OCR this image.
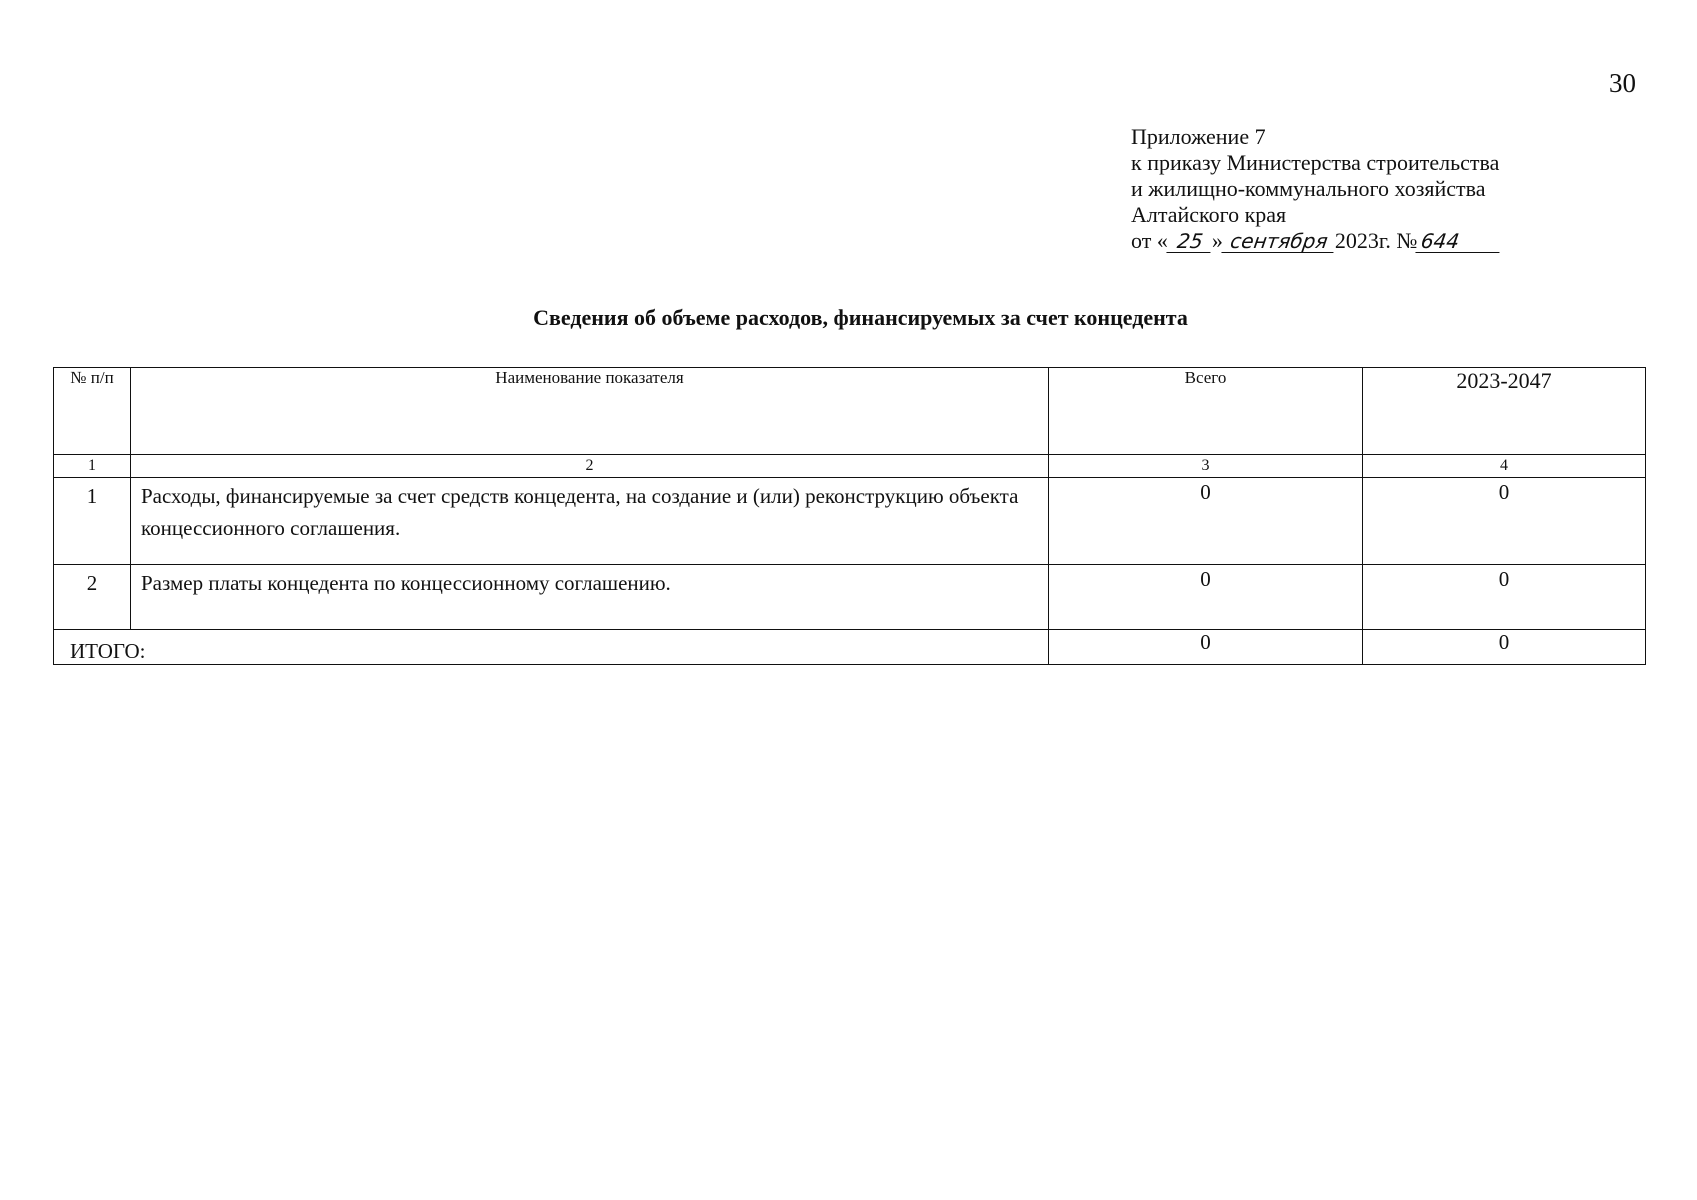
30
Приложение 7
к приказу Министерства строительства
и жилищно-коммунального хозяйства
Алтайского края
от « 25 » сентября 2023г. № 644
Сведения об объеме расходов, финансируемых за счет концедента
№ п/п	Наименование показателя	Всего	2023-2047
1	2	3	4
1	Расходы, финансируемые за счет средств концедента, на создание и (или) реконструкцию объекта концессионного соглашения.	0	0
2	Размер платы концедента по концессионному соглашению.	0	0
ИТОГО:		0	0
